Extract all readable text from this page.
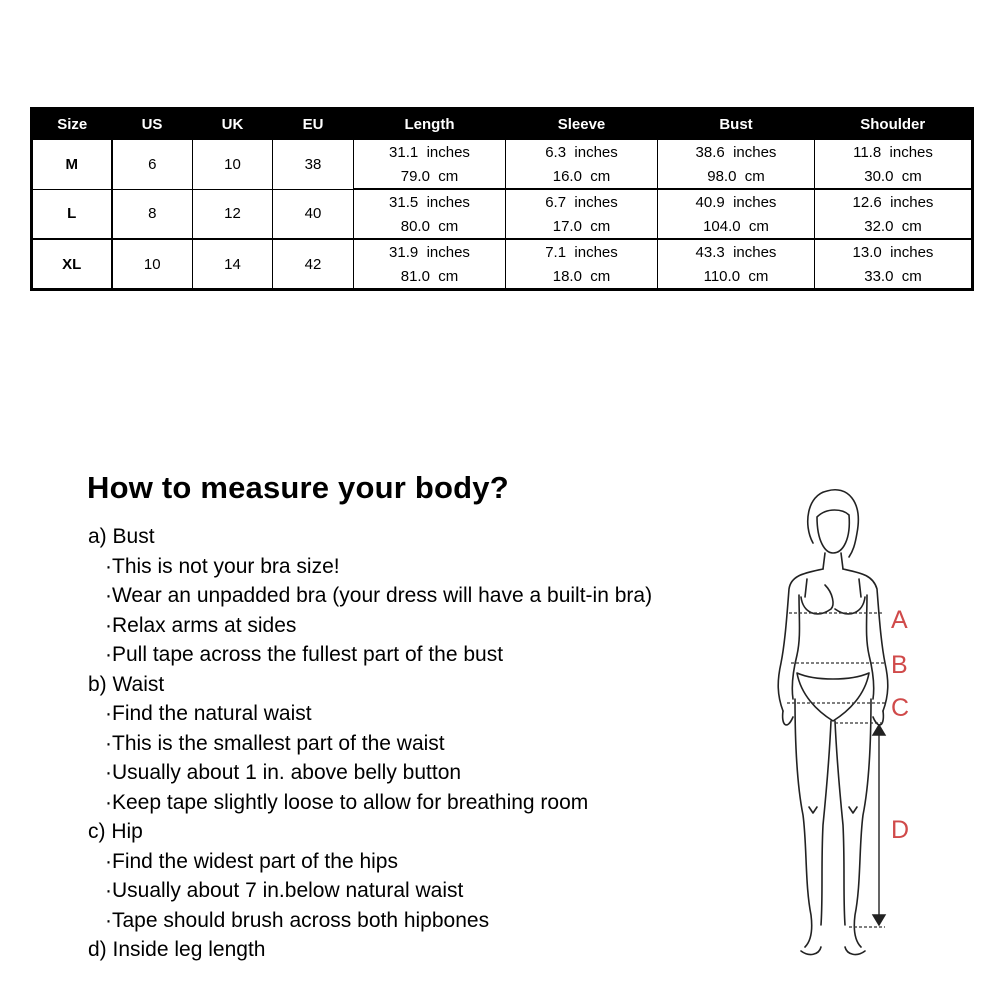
Size	US	UK	EU	Length	Sleeve	Bust	Shoulder
M	6	10	38	31.1  inches	6.3  inches	38.6  inches	11.8  inches
				79.0  cm	16.0  cm	98.0  cm	30.0  cm
L	8	12	40	31.5  inches	6.7  inches	40.9  inches	12.6  inches
				80.0  cm	17.0  cm	104.0  cm	32.0  cm
XL	10	14	42	31.9  inches	7.1  inches	43.3  inches	13.0  inches
				81.0  cm	18.0  cm	110.0  cm	33.0  cm
How to measure your body?
a) Bust
·This is not your bra size!
·Wear an unpadded bra (your dress will have a built-in bra)
·Relax arms at sides
·Pull tape across the fullest part of the bust
b) Waist
·Find the natural waist
·This is the smallest part of the waist
·Usually about 1 in. above belly button
·Keep tape slightly loose to allow for breathing room
c) Hip
·Find the widest part of the hips
·Usually about 7 in.below natural waist
·Tape should brush across both hipbones
d) Inside leg length
A
B
C
D
